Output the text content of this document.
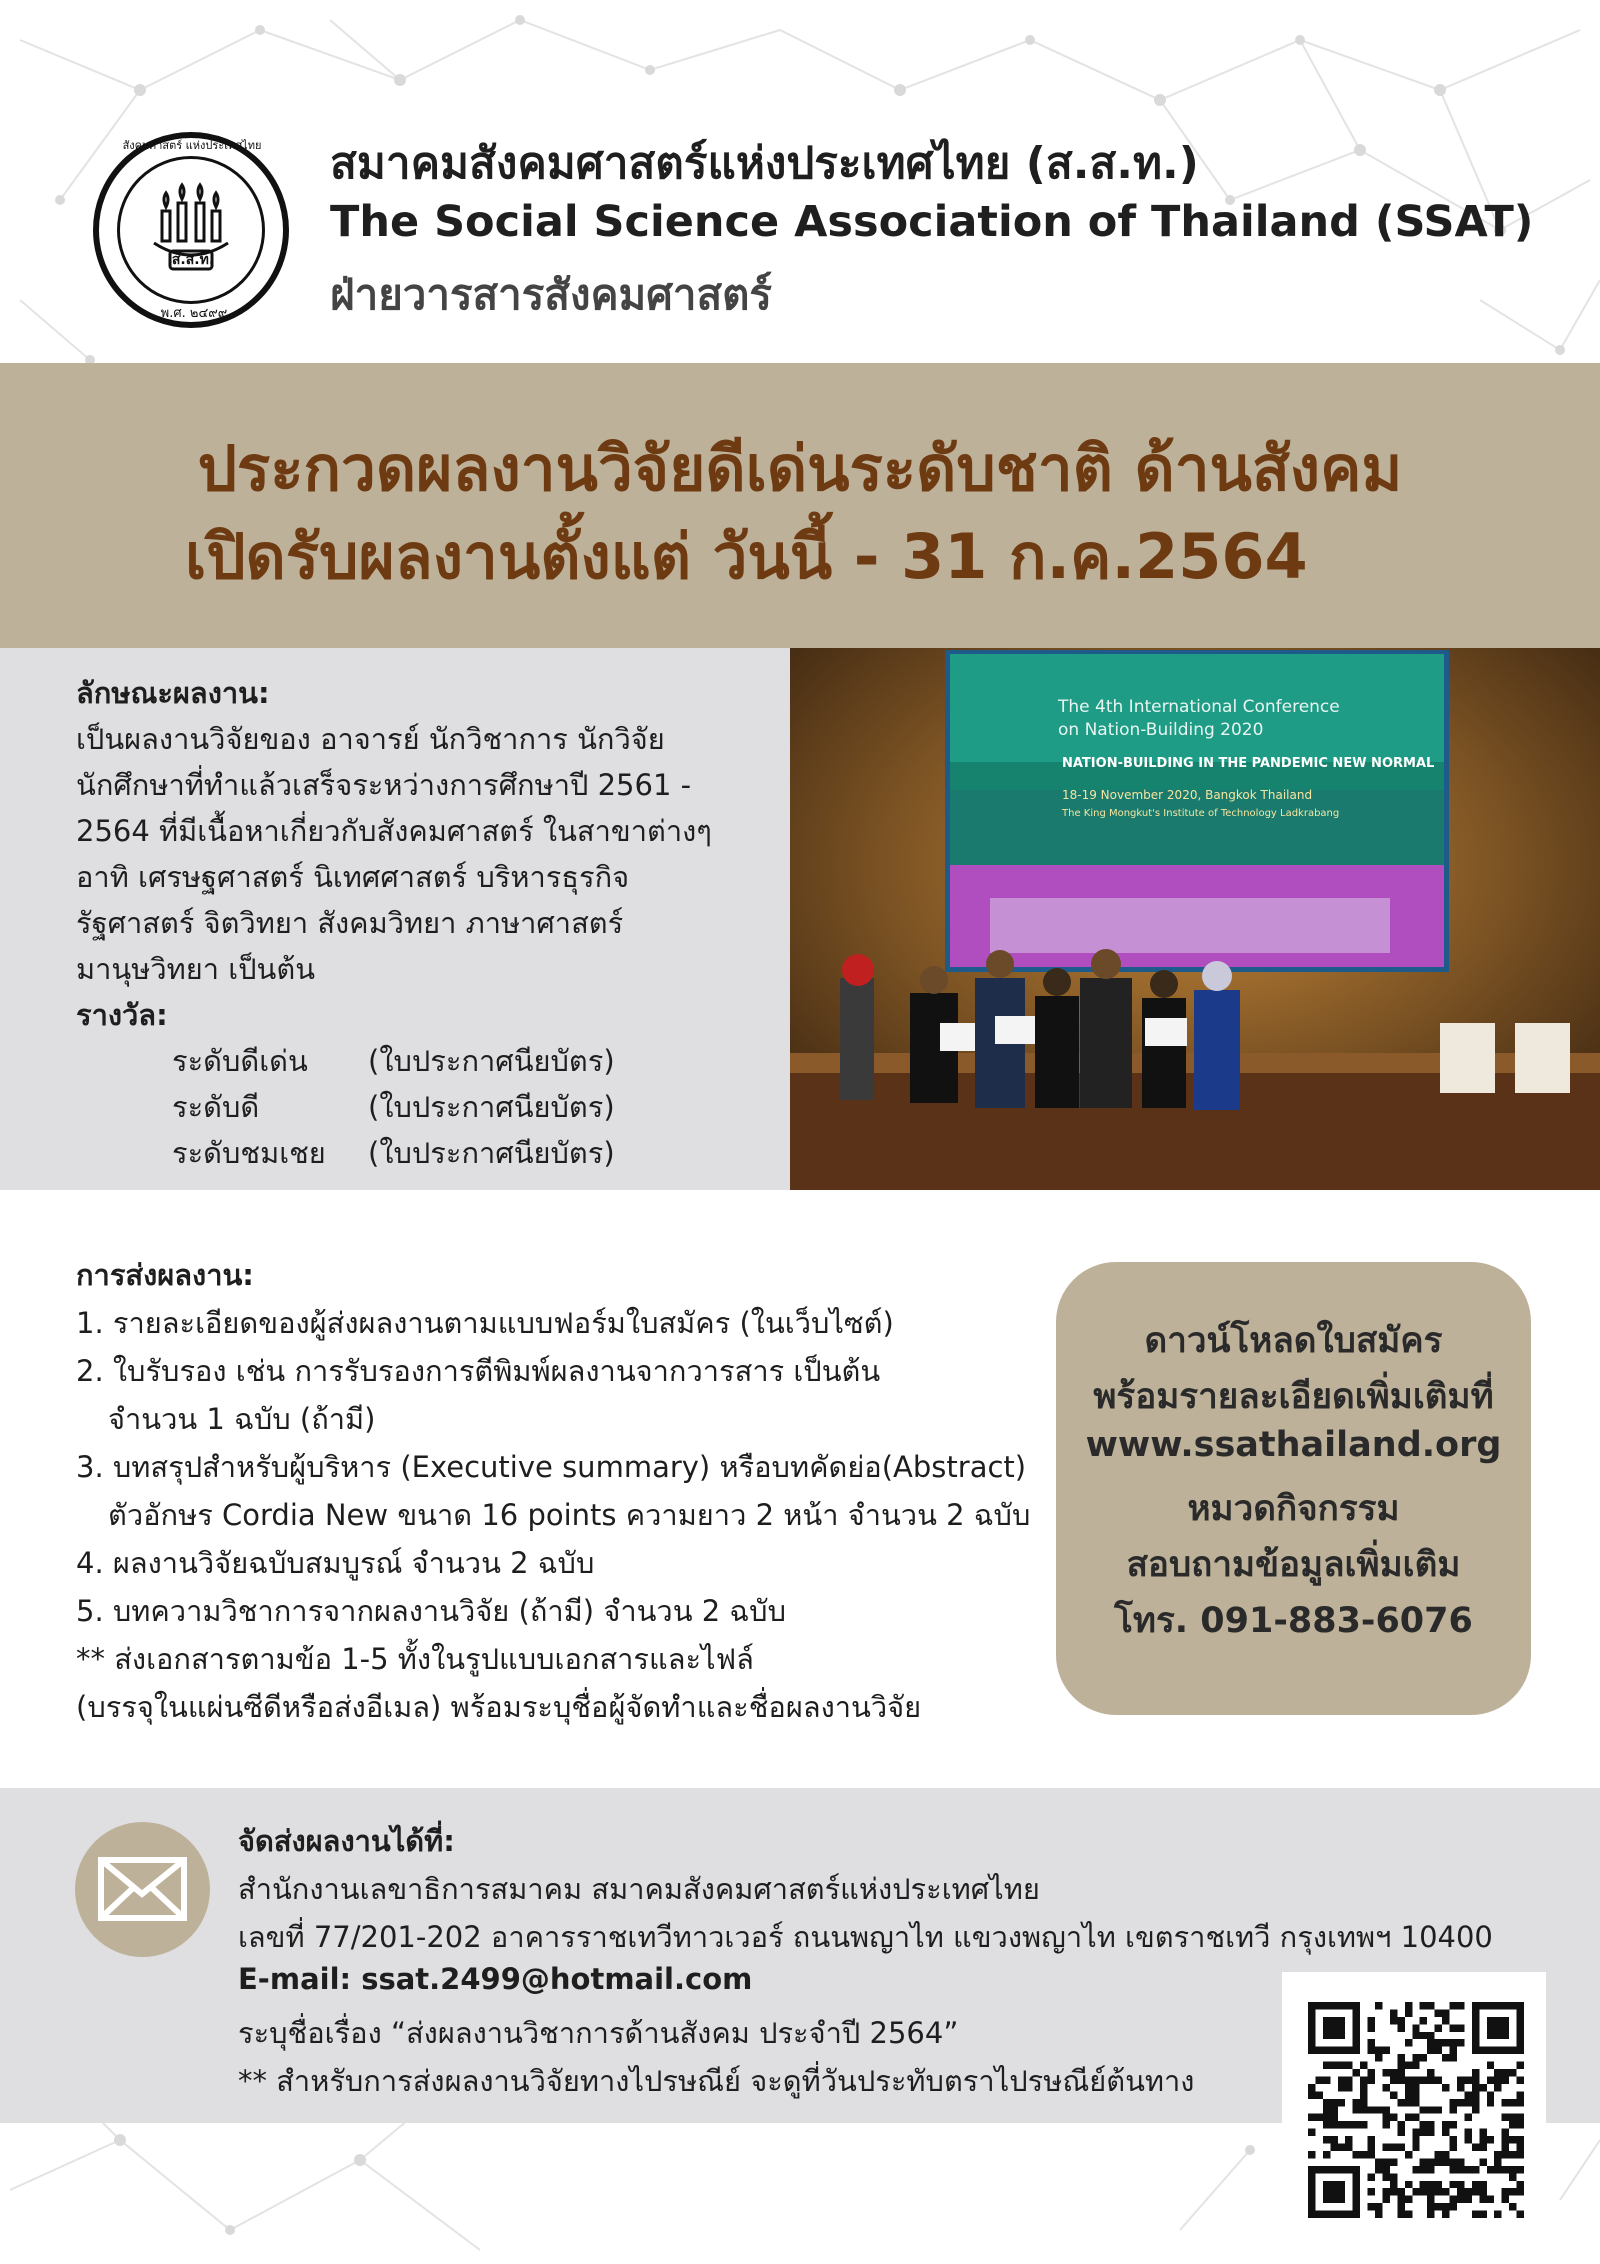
ส.ส.ท.
สังคมศาสตร์ แห่งประเทศไทย
พ.ศ. ๒๔๙๙
สมาคมสังคมศาสตร์แห่งประเทศไทย (ส.ส.ท.)
The Social Science Association of Thailand (SSAT)
ฝ่ายวารสารสังคมศาสตร์
ประกวดผลงานวิจัยดีเด่นระดับชาติ ด้านสังคม
เปิดรับผลงานตั้งแต่ วันนี้ - 31 ก.ค.2564
ลักษณะผลงาน:
เป็นผลงานวิจัยของ อาจารย์ นักวิชาการ นักวิจัย
นักศึกษาที่ทำแล้วเสร็จระหว่างการศึกษาปี 2561 -
2564 ที่มีเนื้อหาเกี่ยวกับสังคมศาสตร์ ในสาขาต่างๆ
อาทิ เศรษฐศาสตร์ นิเทศศาสตร์ บริหารธุรกิจ
รัฐศาสตร์ จิตวิทยา สังคมวิทยา ภาษาศาสตร์
มานุษวิทยา เป็นต้น
รางวัล:
ระดับดีเด่น (ใบประกาศนียบัตร)
ระดับดี	(ใบประกาศนียบัตร)
ระดับชมเชย (ใบประกาศนียบัตร)
The 4th International Conference
on Nation-Building 2020
NATION-BUILDING IN THE PANDEMIC NEW NORMAL
18-19 November 2020, Bangkok Thailand
The King Mongkut's Institute of Technology Ladkrabang
การส่งผลงาน:
1. รายละเอียดของผู้ส่งผลงานตามแบบฟอร์มใบสมัคร (ในเว็บไซต์)
2. ใบรับรอง เช่น การรับรองการตีพิมพ์ผลงานจากวารสาร เป็นต้น
จำนวน 1 ฉบับ (ถ้ามี)
3. บทสรุปสำหรับผู้บริหาร (Executive summary) หรือบทคัดย่อ(Abstract)
ตัวอักษร Cordia New ขนาด 16 points ความยาว 2 หน้า จำนวน 2 ฉบับ
4. ผลงานวิจัยฉบับสมบูรณ์ จำนวน 2 ฉบับ
5. บทความวิชาการจากผลงานวิจัย (ถ้ามี) จำนวน 2 ฉบับ
** ส่งเอกสารตามข้อ 1-5 ทั้งในรูปแบบเอกสารและไฟล์
(บรรจุในแผ่นซีดีหรือส่งอีเมล) พร้อมระบุชื่อผู้จัดทำและชื่อผลงานวิจัย
ดาวน์โหลดใบสมัคร
พร้อมรายละเอียดเพิ่มเติมที่
www.ssathailand.org
หมวดกิจกรรม
สอบถามข้อมูลเพิ่มเติม
โทร. 091-883-6076
จัดส่งผลงานได้ที่:
สำนักงานเลขาธิการสมาคม สมาคมสังคมศาสตร์แห่งประเทศไทย
เลขที่ 77/201-202 อาคารราชเทวีทาวเวอร์ ถนนพญาไท แขวงพญาไท เขตราชเทวี กรุงเทพฯ 10400
E-mail: ssat.2499@hotmail.com
ระบุชื่อเรื่อง “ส่งผลงานวิชาการด้านสังคม ประจำปี 2564”
** สำหรับการส่งผลงานวิจัยทางไปรษณีย์ จะดูที่วันประทับตราไปรษณีย์ต้นทาง
